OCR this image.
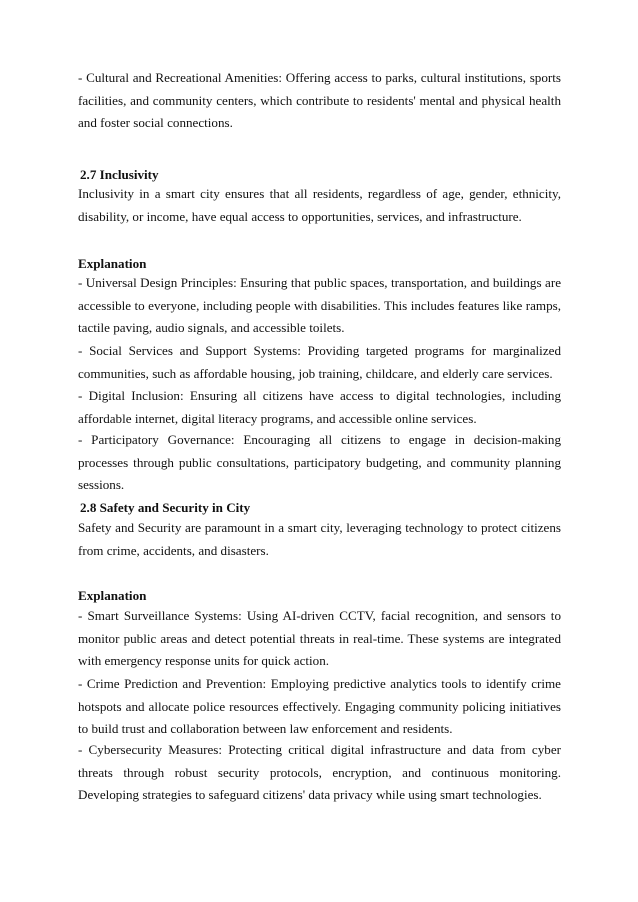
- Cultural and Recreational Amenities: Offering access to parks, cultural institutions, sports facilities, and community centers, which contribute to residents' mental and physical health and foster social connections.

2.7 Inclusivity

Inclusivity in a smart city ensures that all residents, regardless of age, gender, ethnicity, disability, or income, have equal access to opportunities, services, and infrastructure.

Explanation

- Universal Design Principles: Ensuring that public spaces, transportation, and buildings are accessible to everyone, including people with disabilities. This includes features like ramps, tactile paving, audio signals, and accessible toilets.

- Social Services and Support Systems: Providing targeted programs for marginalized communities, such as affordable housing, job training, childcare, and elderly care services.

- Digital Inclusion: Ensuring all citizens have access to digital technologies, including affordable internet, digital literacy programs, and accessible online services.

- Participatory Governance: Encouraging all citizens to engage in decision-making processes through public consultations, participatory budgeting, and community planning sessions.

2.8 Safety and Security in City

Safety and Security are paramount in a smart city, leveraging technology to protect citizens from crime, accidents, and disasters.

Explanation

- Smart Surveillance Systems: Using AI-driven CCTV, facial recognition, and sensors to monitor public areas and detect potential threats in real-time. These systems are integrated with emergency response units for quick action.

- Crime Prediction and Prevention: Employing predictive analytics tools to identify crime hotspots and allocate police resources effectively. Engaging community policing initiatives to build trust and collaboration between law enforcement and residents.

- Cybersecurity Measures: Protecting critical digital infrastructure and data from cyber threats through robust security protocols, encryption, and continuous monitoring. Developing strategies to safeguard citizens' data privacy while using smart technologies.
